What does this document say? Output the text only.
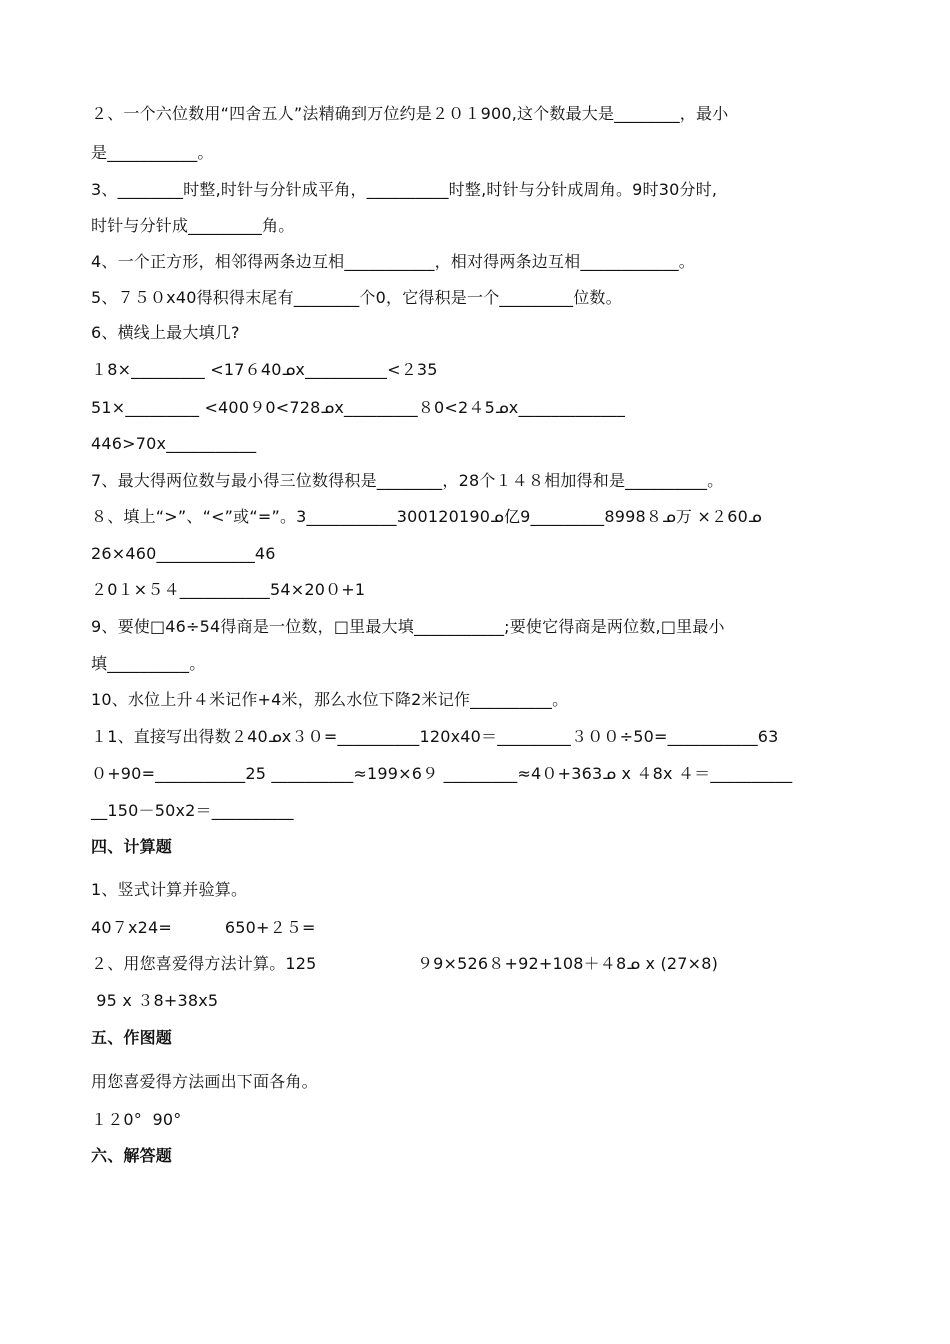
２、一个六位数用“四舍五人”法精确到万位约是２０１900,这个数最大是________，最小
是___________。
3、________时整,时针与分针成平角，__________时整,时针与分针成周角。9时30分时,
时针与分针成_________角。
4、一个正方形，相邻得两条边互相___________，相对得两条边互相____________。
5、７５０x40得积得末尾有________个0，它得积是一个_________位数。
6、横线上最大填几?
１8×_________ <17６40ᓄx__________<２35
51×_________ <400９0<728ᓄx_________８0<2４5ᓄx_____________
446>70x___________
7、最大得两位数与最小得三位数得积是________，28个１４８相加得和是__________。
８、填上“>”、“<”或“=”。3___________300120190ᓄ亿9_________8998８ᓄ万 ×２60ᓄ
26×460____________46
２0１×５４___________54×20０+1
9、要使□46÷54得商是一位数，□里最大填___________;要使它得商是两位数,□里最小
填__________。
10、水位上升４米记作+4米，那么水位下降2米记作__________。
１1、直接写出得数２40ᓄx３０=__________120x40＝_________３００÷50=___________63
０+90=___________25 __________≈199×6９ _________≈4０+363ᓄ x ４8x ４＝__________
__150－50x2＝__________
四、计算题
1、竖式计算并验算。
40７x24=          650+２５=
２、用您喜爱得方法计算。125                   ９9×526８+92+108＋４8ᓄ x (27×8)
95 x ３8+38x5
五、作图题
用您喜爱得方法画出下面各角。
１２0°  90°
六、解答题
